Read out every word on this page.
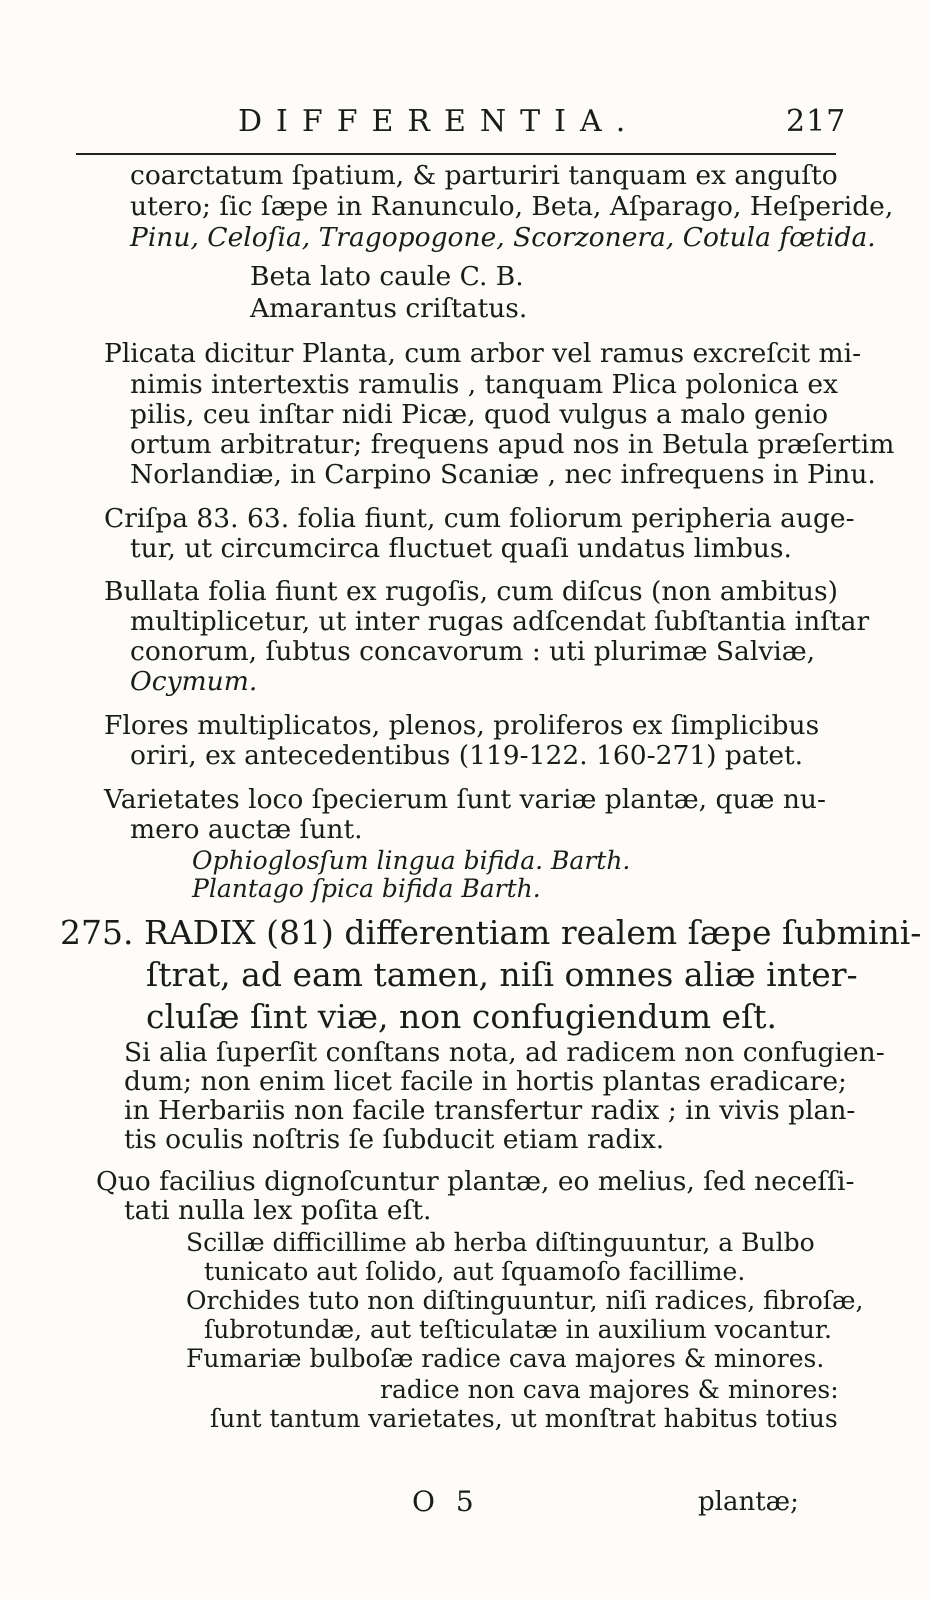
DIFFERENTIA.	217
coarctatum ſpatium, & parturiri tanquam ex anguſto
utero; ſic ſæpe in Ranunculo, Beta, Aſparago, Heſperide,
Pinu, Celoſia, Tragopogone, Scorzonera, Cotula fœtida.
Beta lato caule C. B.
Amarantus criſtatus.
Plicata dicitur Planta, cum arbor vel ramus excreſcit mi-
nimis intertextis ramulis , tanquam Plica polonica ex
pilis, ceu inſtar nidi Picæ, quod vulgus a malo genio
ortum arbitratur; frequens apud nos in Betula præſertim
Norlandiæ, in Carpino Scaniæ , nec infrequens in Pinu.
Criſpa 83. 63. folia fiunt, cum foliorum peripheria auge-
tur, ut circumcirca fluctuet quaſi undatus limbus.
Bullata folia fiunt ex rugoſis, cum diſcus (non ambitus)
multiplicetur, ut inter rugas adſcendat ſubſtantia inſtar
conorum, ſubtus concavorum : uti plurimæ Salviæ,
Ocymum.
Flores multiplicatos, plenos, proliferos ex ſimplicibus
oriri, ex antecedentibus (119-122. 160-271) patet.
Varietates loco ſpecierum ſunt variæ plantæ, quæ nu-
mero auctæ ſunt.
Ophioglosſum lingua bifida. Barth.
Plantago ſpica bifida Barth.
275. RADIX (81) differentiam realem ſæpe ſubmini-
ſtrat, ad eam tamen, niſi omnes aliæ inter-
cluſæ ſint viæ, non confugiendum eſt.
Si alia ſuperſit conſtans nota, ad radicem non confugien-
dum; non enim licet facile in hortis plantas eradicare;
in Herbariis non facile transfertur radix ; in vivis plan-
tis oculis noſtris ſe ſubducit etiam radix.
Quo facilius dignoſcuntur plantæ, eo melius, ſed neceſſi-
tati nulla lex poſita eſt.
Scillæ difficillime ab herba diſtinguuntur, a Bulbo
tunicato aut ſolido, aut ſquamoſo facillime.
Orchides tuto non diſtinguuntur, niſi radices, fibroſæ,
ſubrotundæ, aut teſticulatæ in auxilium vocantur.
Fumariæ bulboſæ radice cava majores & minores.
radice non cava majores & minores:
ſunt tantum varietates, ut monſtrat habitus totius
O 5	plantæ;
